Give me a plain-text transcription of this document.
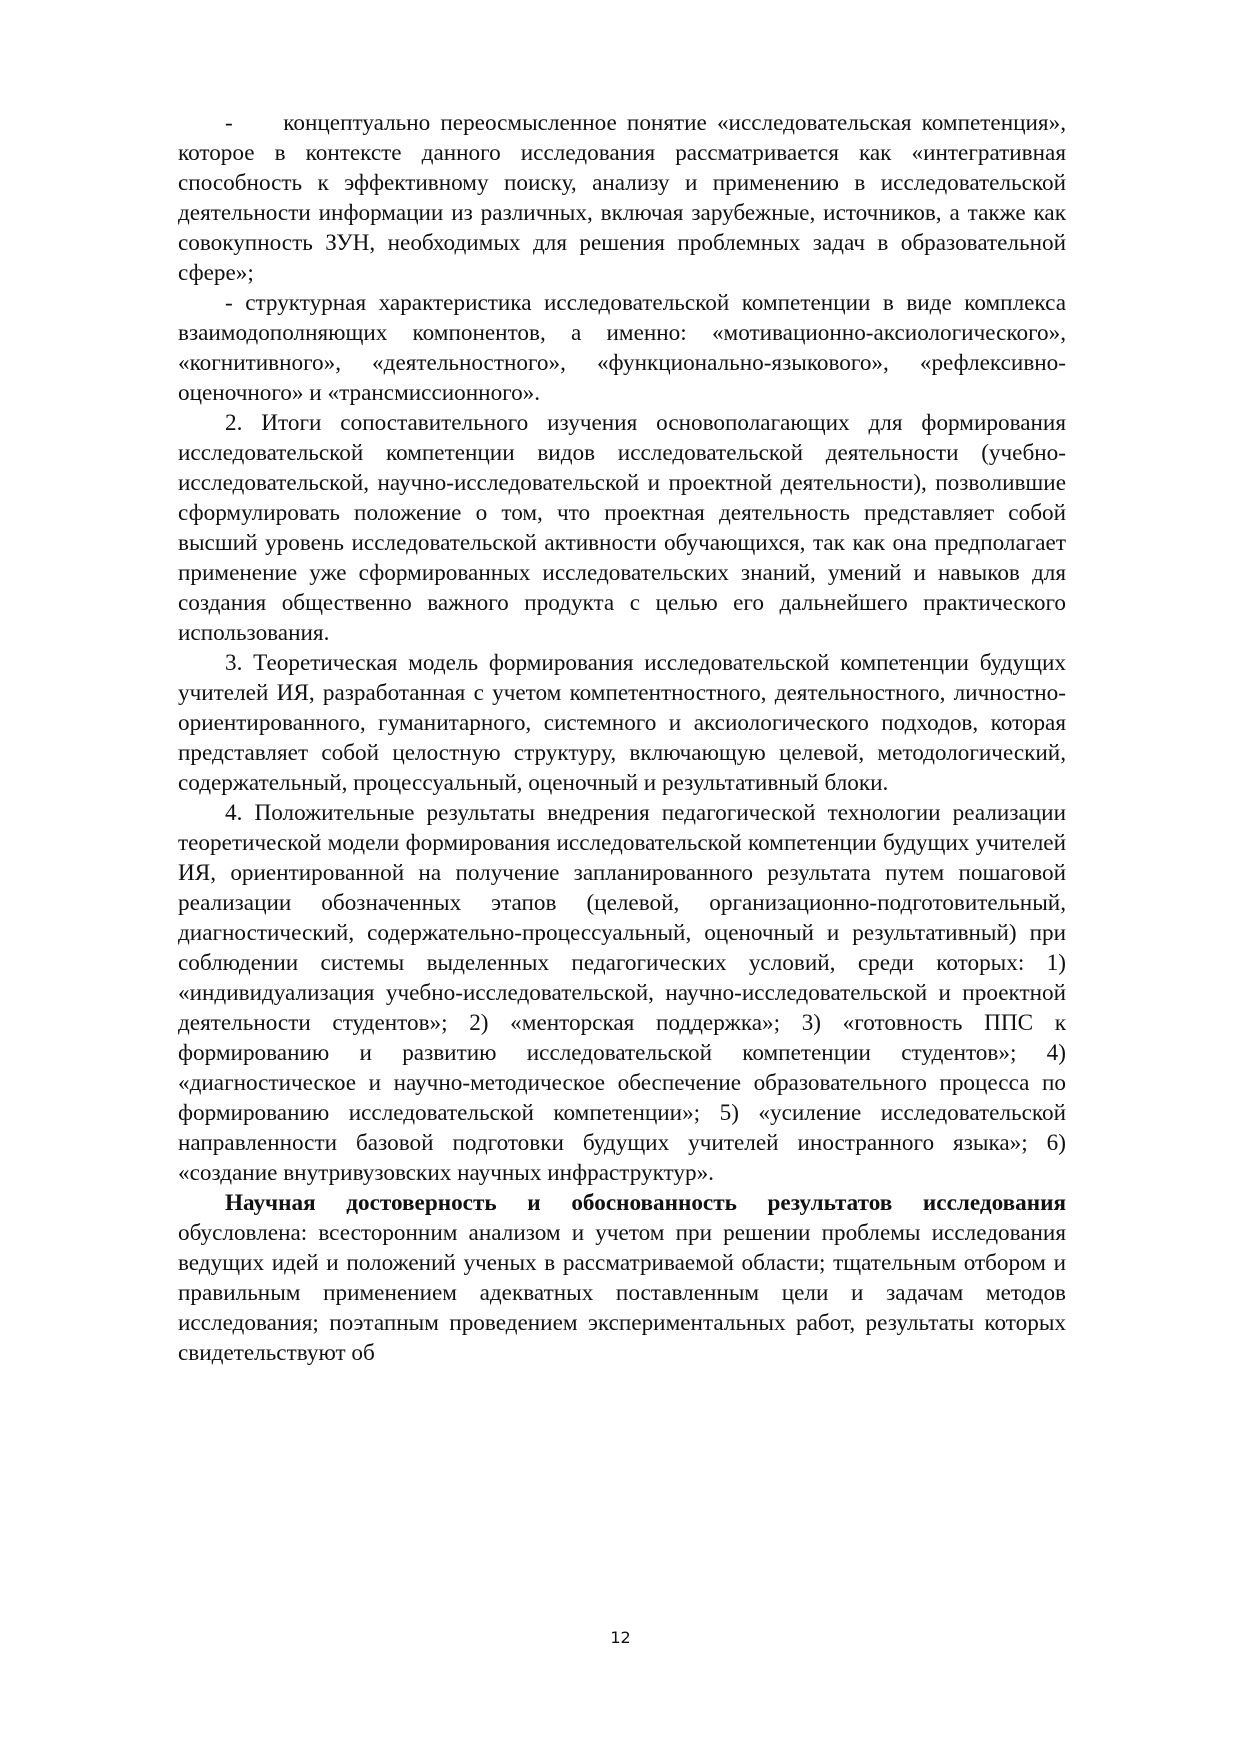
-     концептуально переосмысленное понятие «исследовательская компетенция», которое в контексте данного исследования рассматривается как «интегративная способность к эффективному поиску, анализу и применению в исследовательской деятельности информации из различных, включая зарубежные, источников, а также как совокупность ЗУН, необходимых для решения проблемных задач в образовательной сфере»;

- структурная характеристика исследовательской компетенции в виде комплекса взаимодополняющих компонентов, а именно: «мотивационно-аксиологического», «когнитивного», «деятельностного», «функционально-языкового», «рефлексивно-оценочного» и «трансмиссионного».

2. Итоги сопоставительного изучения основополагающих для формирования исследовательской компетенции видов исследовательской деятельности (учебно-исследовательской, научно-исследовательской и проектной деятельности), позволившие сформулировать положение о том, что проектная деятельность представляет собой высший уровень исследовательской активности обучающихся, так как она предполагает применение уже сформированных исследовательских знаний, умений и навыков для создания общественно важного продукта с целью его дальнейшего практического использования.

3. Теоретическая модель формирования исследовательской компетенции будущих учителей ИЯ, разработанная с учетом компетентностного, деятельностного, личностно-ориентированного, гуманитарного, системного и аксиологического подходов, которая представляет собой целостную структуру, включающую целевой, методологический, содержательный, процессуальный, оценочный и результативный блоки.

4. Положительные результаты внедрения педагогической технологии реализации теоретической модели формирования исследовательской компетенции будущих учителей ИЯ, ориентированной на получение запланированного результата путем пошаговой реализации обозначенных этапов (целевой, организационно-подготовительный, диагностический, содержательно-процессуальный, оценочный и результативный) при соблюдении системы выделенных педагогических условий, среди которых: 1) «индивидуализация учебно-исследовательской, научно-исследовательской и проектной деятельности студентов»; 2) «менторская поддержка»; 3) «готовность ППС к формированию и развитию исследовательской компетенции студентов»; 4) «диагностическое и научно-методическое обеспечение образовательного процесса по формированию исследовательской компетенции»; 5) «усиление исследовательской направленности базовой подготовки будущих учителей иностранного языка»; 6) «создание внутривузовских научных инфраструктур».

Научная достоверность и обоснованность результатов исследования обусловлена: всесторонним анализом и учетом при решении проблемы исследования ведущих идей и положений ученых в рассматриваемой области; тщательным отбором и правильным применением адекватных поставленным цели и задачам методов исследования; поэтапным проведением экспериментальных работ, результаты которых свидетельствуют об

12
